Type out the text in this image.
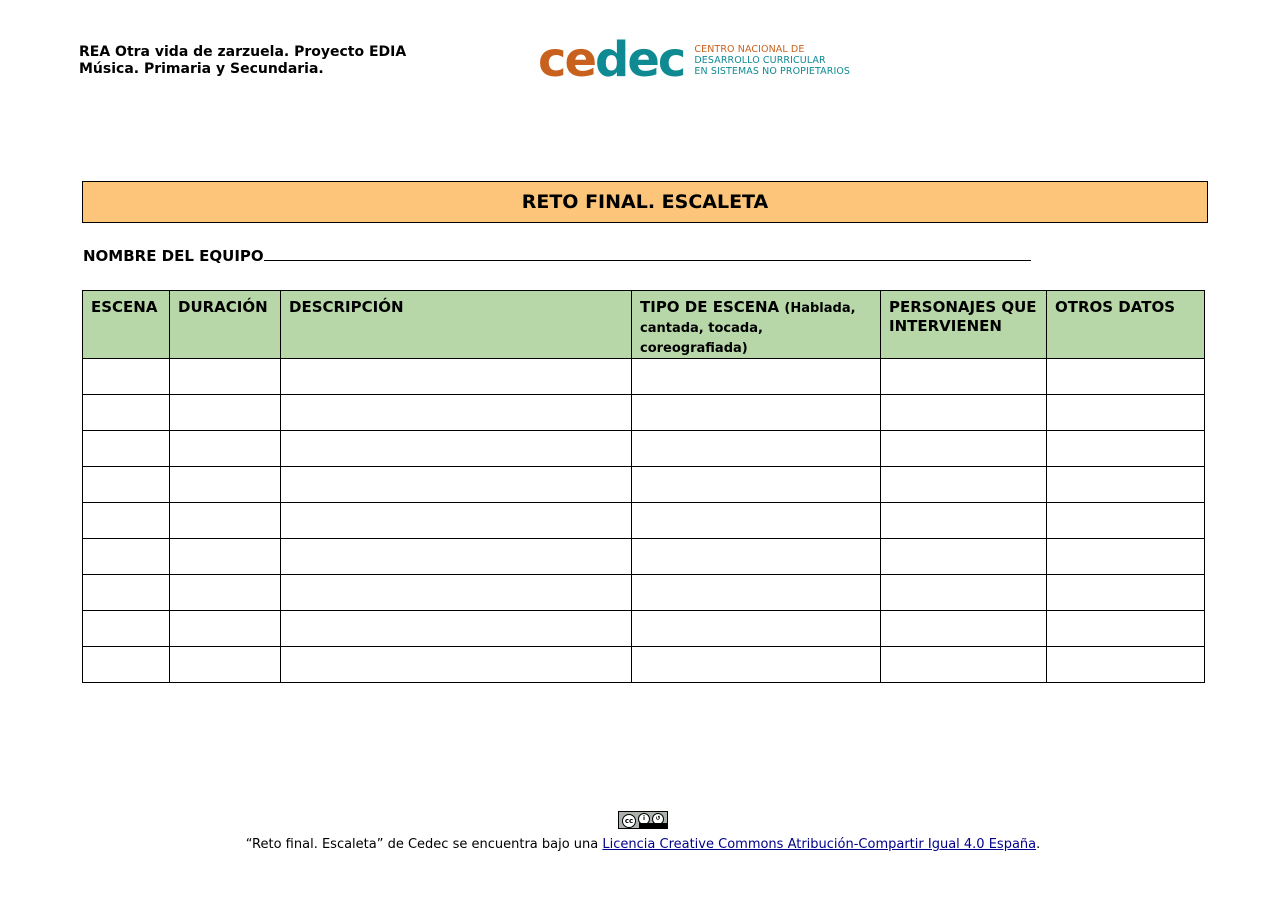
REA Otra vida de zarzuela. Proyecto EDIA
Música. Primaria y Secundaria.	cedec CENTRO NACIONAL DE
DESARROLLO CURRICULAR
EN SISTEMAS NO PROPIETARIOS
RETO FINAL. ESCALETA
NOMBRE DEL EQUIPO
ESCENA	DURACIÓN	DESCRIPCIÓN	TIPO DE ESCENA (Hablada, cantada, tocada, coreografiada)	PERSONAJES QUE INTERVIENEN	OTROS DATOS

cc	i	↺
“Reto final. Escaleta” de Cedec se encuentra bajo una Licencia Creative Commons Atribución-Compartir Igual 4.0 España.
